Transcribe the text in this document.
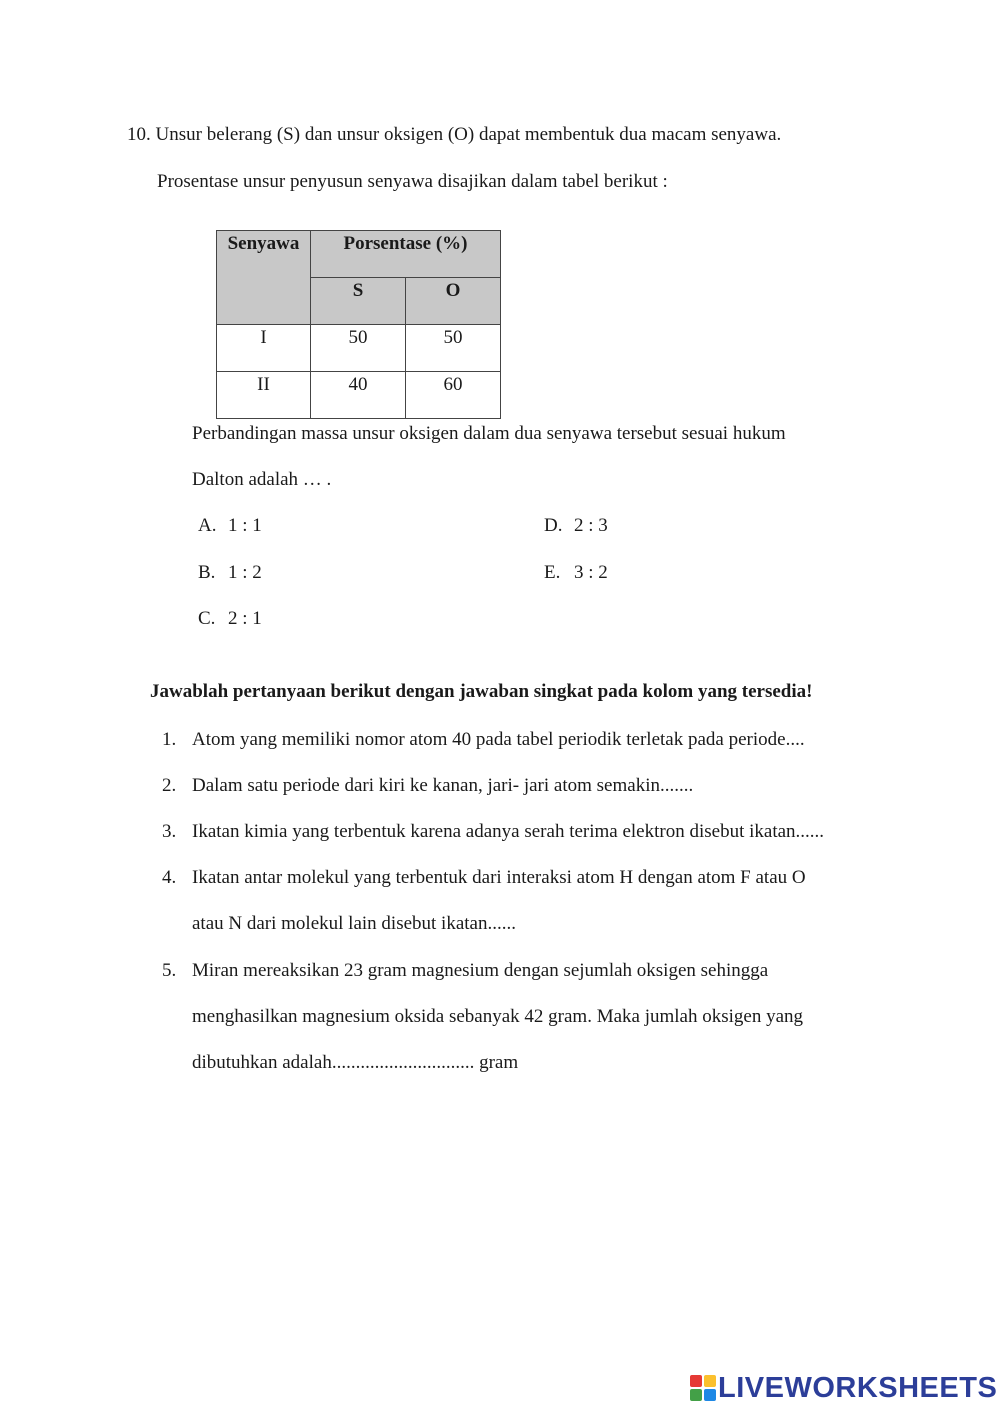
10. Unsur belerang (S) dan unsur oksigen (O) dapat membentuk dua macam senyawa.
Prosentase unsur penyusun senyawa disajikan dalam tabel berikut :
Senyawa	Porsentase (%)	
	S	O
I	50	50
II	40	60
Perbandingan massa unsur oksigen dalam dua senyawa tersebut sesuai hukum
Dalton adalah … .
A. 1 : 1
B. 1 : 2
C. 2 : 1
D. 2 : 3
E. 3 : 2
Jawablah pertanyaan berikut dengan jawaban singkat pada kolom yang tersedia!
1. Atom yang memiliki nomor atom 40 pada tabel periodik terletak pada periode....
2. Dalam satu periode dari kiri ke kanan, jari- jari atom semakin.......
3. Ikatan kimia yang terbentuk karena adanya serah terima elektron disebut ikatan......
4. Ikatan antar molekul yang terbentuk dari interaksi atom H dengan atom F atau O
atau N dari molekul lain disebut ikatan......
5. Miran mereaksikan 23 gram magnesium dengan sejumlah oksigen sehingga
menghasilkan magnesium oksida sebanyak 42 gram. Maka jumlah oksigen yang
dibutuhkan adalah.............................. gram
LIVEWORKSHEETS
